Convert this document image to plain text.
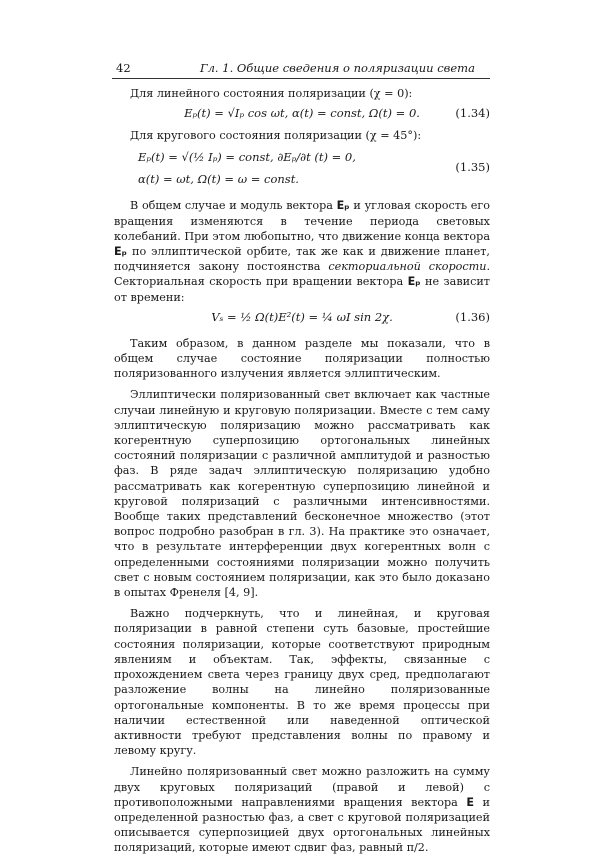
42	Гл. 1. Общие сведения о поляризации света

Для линейного состояния поляризации (χ = 0):

Eₚ(t) = √Iₚ cos ωt, α(t) = const, Ω(t) = 0.	(1.34)

Для кругового состояния поляризации (χ = 45°):

Eₚ(t) = √(½ Iₚ) = const, ∂Eₚ/∂t (t) = 0,
α(t) = ωt, Ω(t) = ω = const.
(1.35)

В общем случае и модуль вектора Eₚ и угловая скорость его вращения изменяются в течение периода световых колебаний. При этом любопытно, что движение конца вектора Eₚ по эллиптической орбите, так же как и движение планет, подчиняется закону постоянства секториальной скорости. Секториальная скорость при вращении вектора Eₚ не зависит от времени:

Vₛ = ½ Ω(t)E²(t) = ¼ ωI sin 2χ.	(1.36)

Таким образом, в данном разделе мы показали, что в общем случае состояние поляризации полностью поляризованного излучения является эллиптическим.

Эллиптически поляризованный свет включает как частные случаи линейную и круговую поляризации. Вместе с тем саму эллиптическую поляризацию можно рассматривать как когерентную суперпозицию ортогональных линейных состояний поляризации с различной амплитудой и разностью фаз. В ряде задач эллиптическую поляризацию удобно рассматривать как когерентную суперпозицию линейной и круговой поляризаций с различными интенсивностями. Вообще таких представлений бесконечное множество (этот вопрос подробно разобран в гл. 3). На практике это означает, что в результате интерференции двух когерентных волн с определенными состояниями поляризации можно получить свет с новым состоянием поляризации, как это было доказано в опытах Френеля [4, 9].

Важно подчеркнуть, что и линейная, и круговая поляризации в равной степени суть базовые, простейшие состояния поляризации, которые соответствуют природным явлениям и объектам. Так, эффекты, связанные с прохождением света через границу двух сред, предполагают разложение волны на линейно поляризованные ортогональные компоненты. В то же время процессы при наличии естественной или наведенной оптической активности требуют представления волны по правому и левому кругу.

Линейно поляризованный свет можно разложить на сумму двух круговых поляризаций (правой и левой) с противоположными направлениями вращения вектора E и определенной разностью фаз, а свет с круговой поляризацией описывается суперпозицией двух ортогональных линейных поляризаций, которые имеют сдвиг фаз, равный π/2.
